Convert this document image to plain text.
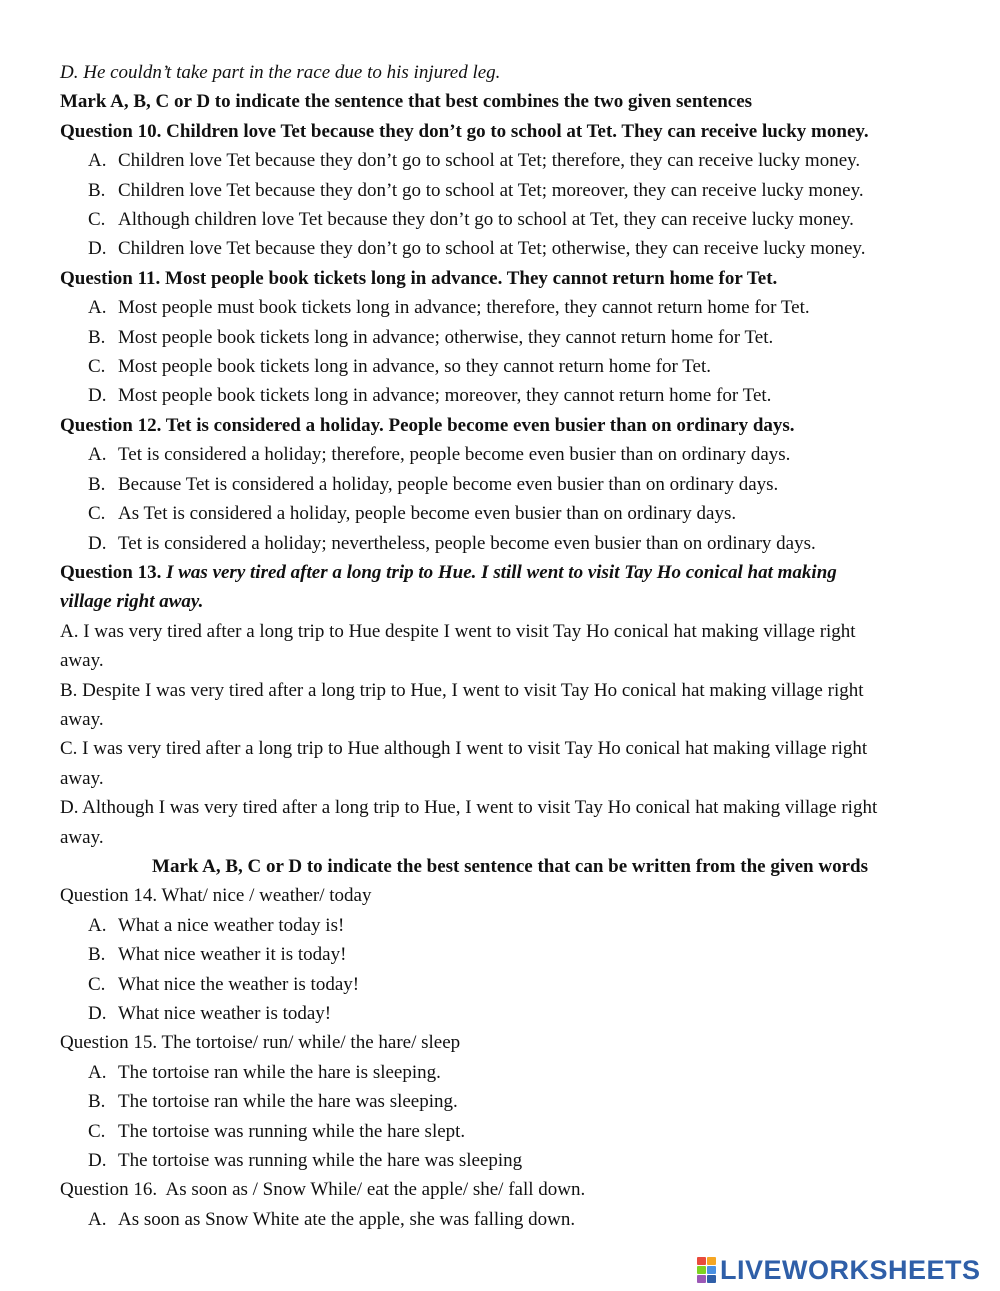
D. He couldn’t take part in the race due to his injured leg.
Mark A, B, C or D to indicate the sentence that best combines the two given sentences
Question 10. Children love Tet because they don’t go to school at Tet. They can receive lucky money.
A. Children love Tet because they don’t go to school at Tet; therefore, they can receive lucky money.
B. Children love Tet because they don’t go to school at Tet; moreover, they can receive lucky money.
C. Although children love Tet because they don’t go to school at Tet, they can receive lucky money.
D. Children love Tet because they don’t go to school at Tet; otherwise, they can receive lucky money.
Question 11. Most people book tickets long in advance. They cannot return home for Tet.
A. Most people must book tickets long in advance; therefore, they cannot return home for Tet.
B. Most people book tickets long in advance; otherwise, they cannot return home for Tet.
C. Most people book tickets long in advance, so they cannot return home for Tet.
D. Most people book tickets long in advance; moreover, they cannot return home for Tet.
Question 12. Tet is considered a holiday. People become even busier than on ordinary days.
A. Tet is considered a holiday; therefore, people become even busier than on ordinary days.
B. Because Tet is considered a holiday, people become even busier than on ordinary days.
C. As Tet is considered a holiday, people become even busier than on ordinary days.
D. Tet is considered a holiday; nevertheless, people become even busier than on ordinary days.
Question 13. I was very tired after a long trip to Hue. I still went to visit Tay Ho conical hat making
village right away.
A. I was very tired after a long trip to Hue despite I went to visit Tay Ho conical hat making village right
away.
B. Despite I was very tired after a long trip to Hue, I went to visit Tay Ho conical hat making village right
away.
C. I was very tired after a long trip to Hue although I went to visit Tay Ho conical hat making village right
away.
D. Although I was very tired after a long trip to Hue, I went to visit Tay Ho conical hat making village right
away.
Mark A, B, C or D to indicate the best sentence that can be written from the given words
Question 14. What/ nice / weather/ today
A. What a nice weather today is!
B. What nice weather it is today!
C. What nice the weather is today!
D. What nice weather is today!
Question 15. The tortoise/ run/ while/ the hare/ sleep
A. The tortoise ran while the hare is sleeping.
B. The tortoise ran while the hare was sleeping.
C. The tortoise was running while the hare slept.
D. The tortoise was running while the hare was sleeping
Question 16.  As soon as / Snow While/ eat the apple/ she/ fall down.
A. As soon as Snow White ate the apple, she was falling down.
LIVEWORKSHEETS
